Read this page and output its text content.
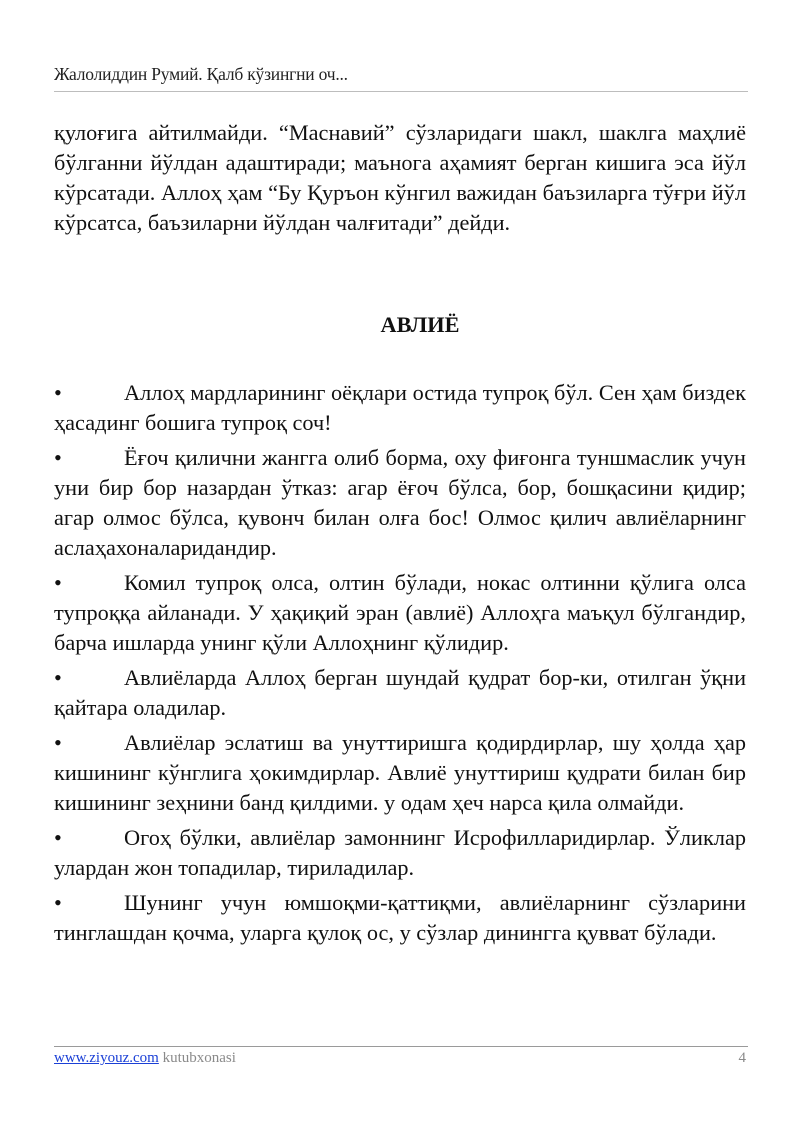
Жалолиддин Румий. Қалб кўзингни оч...

қулоғига айтилмайди. “Маснавий” сўзларидаги шакл, шаклга маҳлиё бўлганни йўлдан адаштиради; маънога аҳамият берган кишига эса йўл кўрсатади. Аллоҳ ҳам “Бу Қуръон кўнгил важидан баъзиларга тўғри йўл кўрсатса, баъзиларни йўлдан чалғитади” дейди.

АВЛИЁ
•	Аллоҳ мардларининг оёқлари остида тупроқ бўл. Сен ҳам биздек ҳасадинг бошига тупроқ соч!
•	Ёғоч қилични жангга олиб борма, оху фиғонга туншмаслик учун уни бир бор назардан ўтказ: агар ёғоч бўлса, бор, бошқасини қидир; агар олмос бўлса, қувонч билан олға бос! Олмос қилич авлиёларнинг аслаҳахоналаридандир.
•	Комил тупроқ олса, олтин бўлади, нокас олтинни қўлига олса тупроққа айланади. У ҳақиқий эран (авлиё) Аллоҳга маъқул бўлгандир, барча ишларда унинг қўли Аллоҳнинг қўлидир.
•	Авлиёларда Аллоҳ берган шундай қудрат бор-ки, отилган ўқни қайтара оладилар.
•	Авлиёлар эслатиш ва унуттиришга қодирдирлар, шу ҳолда ҳар кишининг кўнглига ҳокимдирлар. Авлиё унуттириш қудрати билан бир кишининг зеҳнини банд қилдими. у одам ҳеч нарса қила олмайди.
•	Огоҳ бўлки, авлиёлар замоннинг Исрофилларидирлар. Ўликлар улардан жон топадилар, тириладилар.
•	Шунинг учун юмшоқми-қаттиқми, авлиёларнинг сўзларини тинглашдан қочма, уларга қулоқ ос, у сўзлар динингга қувват бўлади.
www.ziyouz.com kutubxonasi	4
